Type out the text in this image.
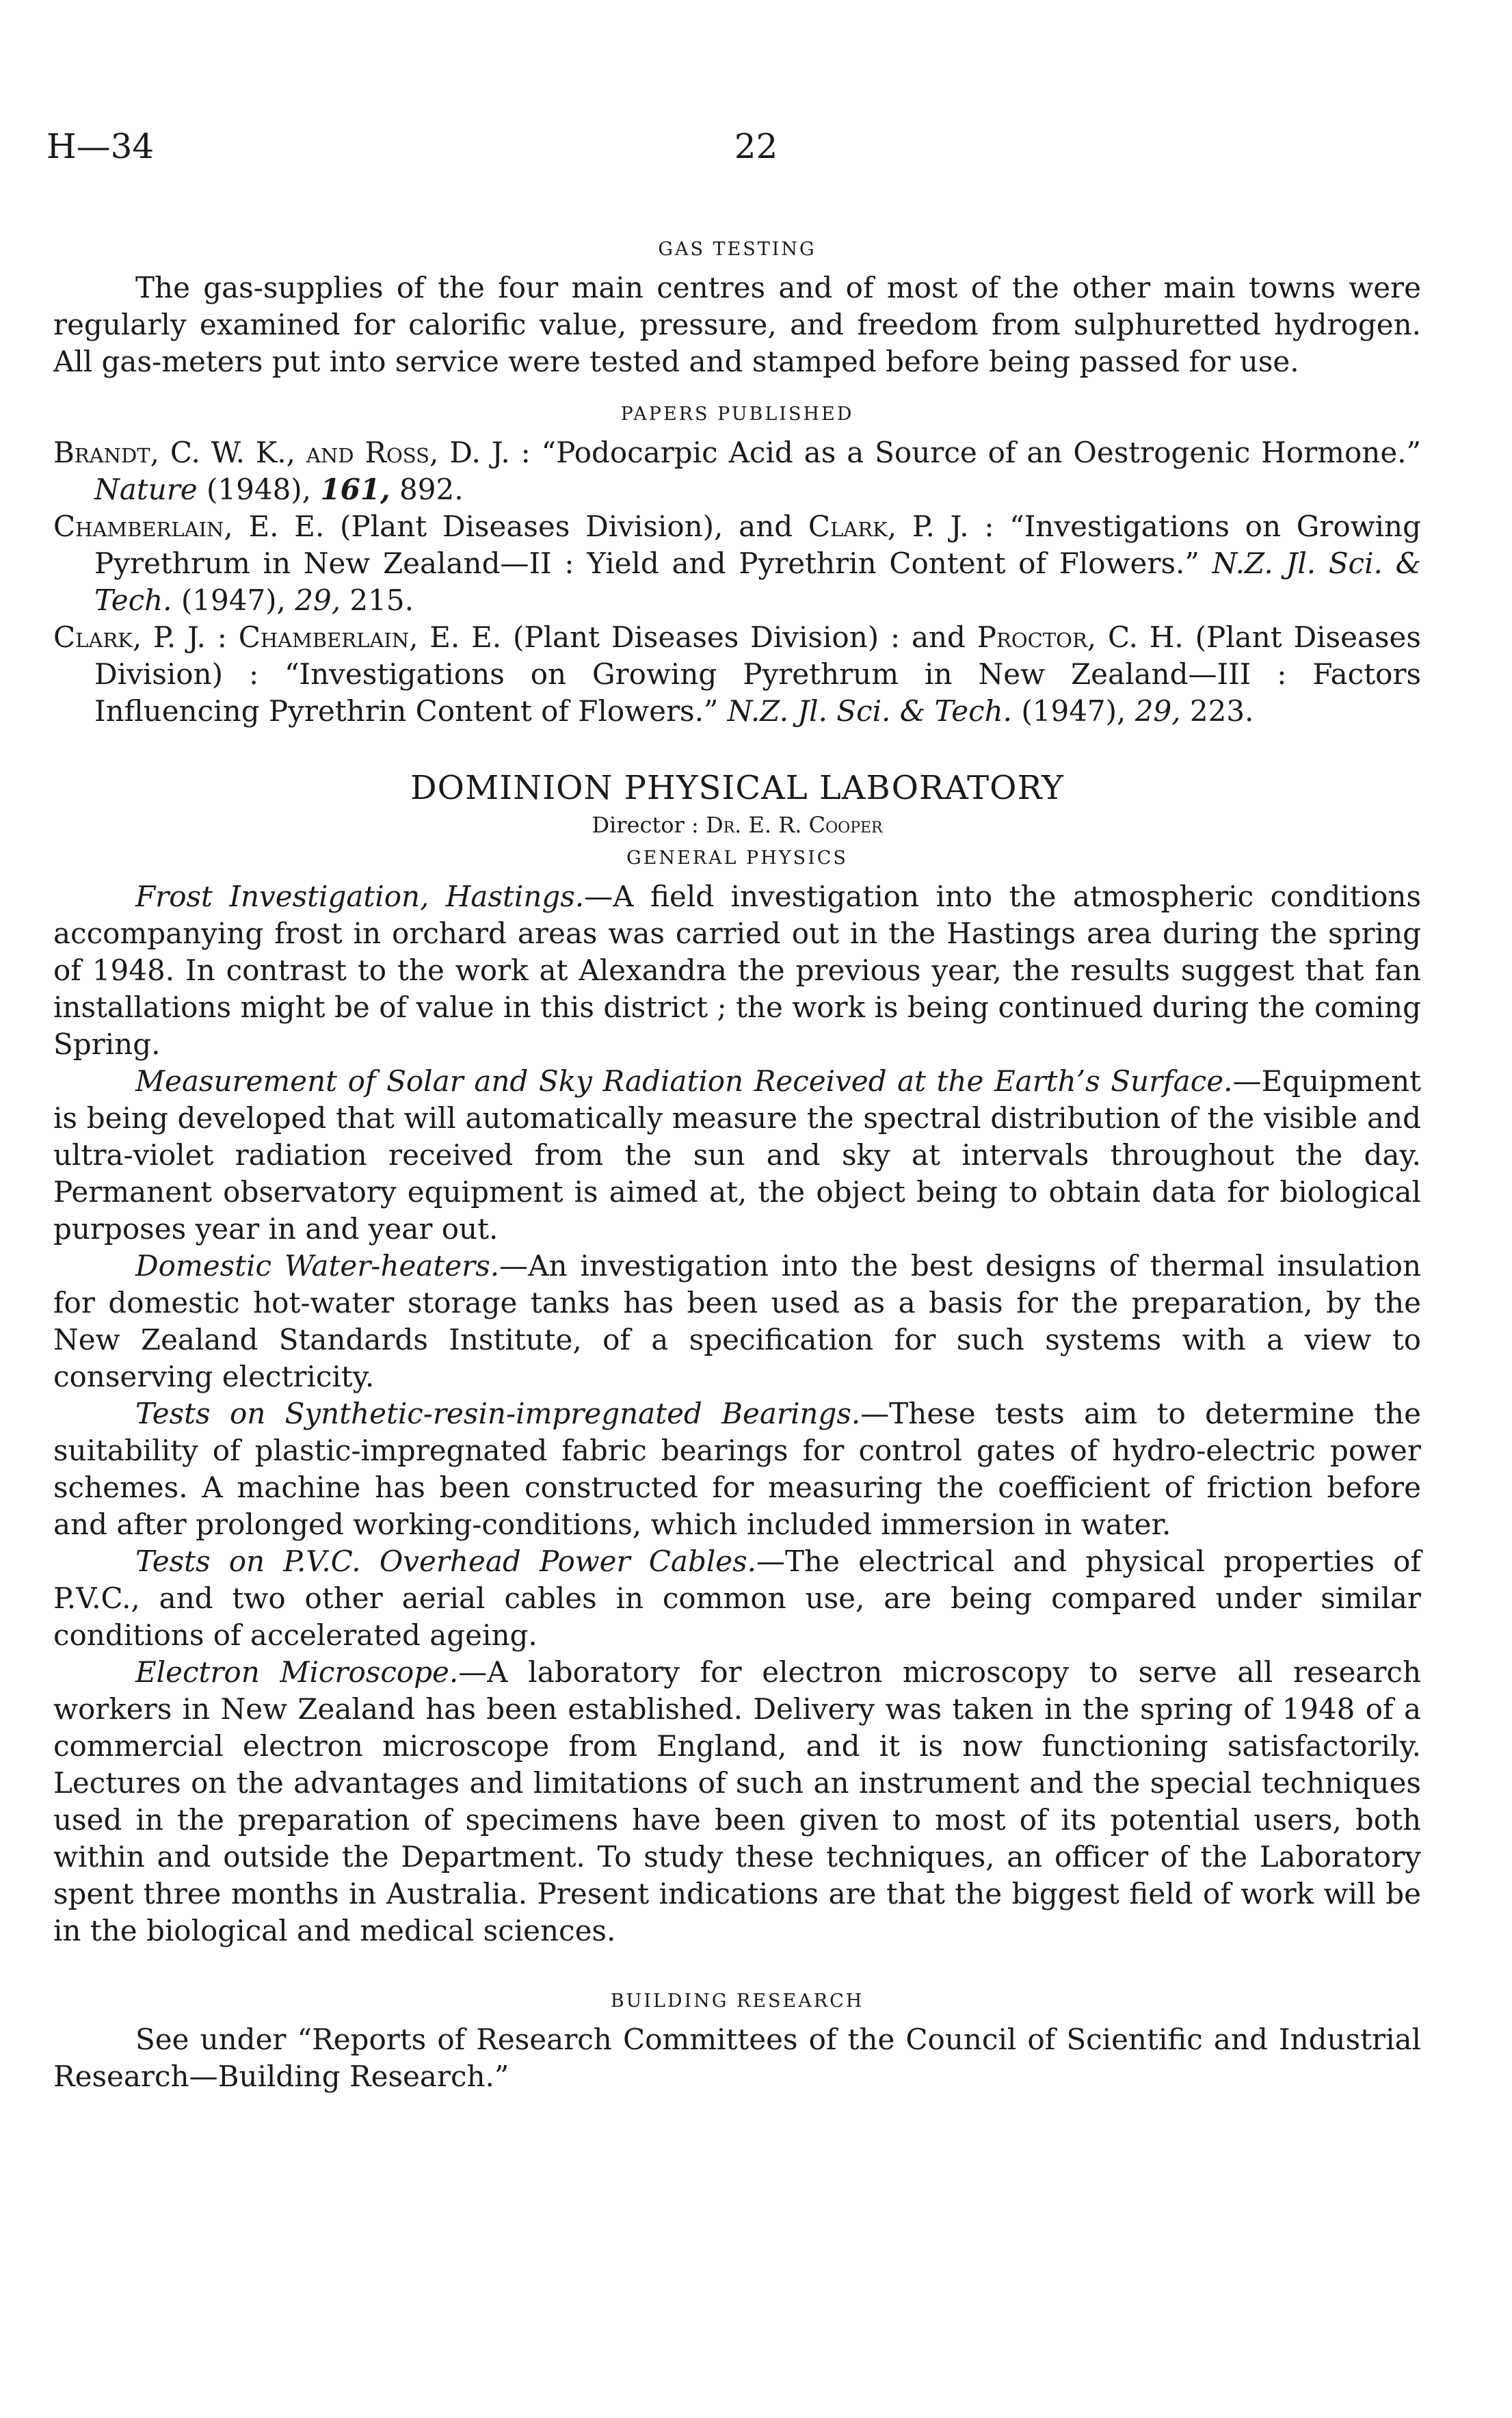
H—34	22
GAS TESTING

The gas-supplies of the four main centres and of most of the other main towns were regularly examined for calorific value, pressure, and freedom from sulphuretted hydrogen. All gas-meters put into service were tested and stamped before being passed for use.

PAPERS PUBLISHED

Brandt, C. W. K., and Ross, D. J. : “Podocarpic Acid as a Source of an Oestrogenic Hormone.” Nature (1948), 161, 892.

Chamberlain, E. E. (Plant Diseases Division), and Clark, P. J. : “Investigations on Growing Pyrethrum in New Zealand—II : Yield and Pyrethrin Content of Flowers.” N.Z. Jl. Sci. & Tech. (1947), 29, 215.

Clark, P. J. : Chamberlain, E. E. (Plant Diseases Division) : and Proctor, C. H. (Plant Diseases Division) : “Investigations on Growing Pyrethrum in New Zealand—III : Factors Influencing Pyrethrin Content of Flowers.” N.Z. Jl. Sci. & Tech. (1947), 29, 223.

DOMINION PHYSICAL LABORATORY
Director : Dr. E. R. Cooper
GENERAL PHYSICS

Frost Investigation, Hastings.—A field investigation into the atmospheric conditions accompanying frost in orchard areas was carried out in the Hastings area during the spring of 1948. In contrast to the work at Alexandra the previous year, the results suggest that fan installations might be of value in this district ; the work is being continued during the coming Spring.

Measurement of Solar and Sky Radiation Received at the Earth’s Surface.—Equipment is being developed that will automatically measure the spectral distribution of the visible and ultra-violet radiation received from the sun and sky at intervals throughout the day. Permanent observatory equipment is aimed at, the object being to obtain data for biological purposes year in and year out.

Domestic Water-heaters.—An investigation into the best designs of thermal insulation for domestic hot-water storage tanks has been used as a basis for the preparation, by the New Zealand Standards Institute, of a specification for such systems with a view to conserving electricity.

Tests on Synthetic-resin-impregnated Bearings.—These tests aim to determine the suitability of plastic-impregnated fabric bearings for control gates of hydro-electric power schemes. A machine has been constructed for measuring the coefficient of friction before and after prolonged working-conditions, which included immersion in water.

Tests on P.V.C. Overhead Power Cables.—The electrical and physical properties of P.V.C., and two other aerial cables in common use, are being compared under similar conditions of accelerated ageing.

Electron Microscope.—A laboratory for electron microscopy to serve all research workers in New Zealand has been established. Delivery was taken in the spring of 1948 of a commercial electron microscope from England, and it is now functioning satisfactorily. Lectures on the advantages and limitations of such an instrument and the special techniques used in the preparation of specimens have been given to most of its potential users, both within and outside the Department. To study these techniques, an officer of the Laboratory spent three months in Australia. Present indications are that the biggest field of work will be in the biological and medical sciences.

BUILDING RESEARCH

See under “Reports of Research Committees of the Council of Scientific and Industrial Research—Building Research.”
